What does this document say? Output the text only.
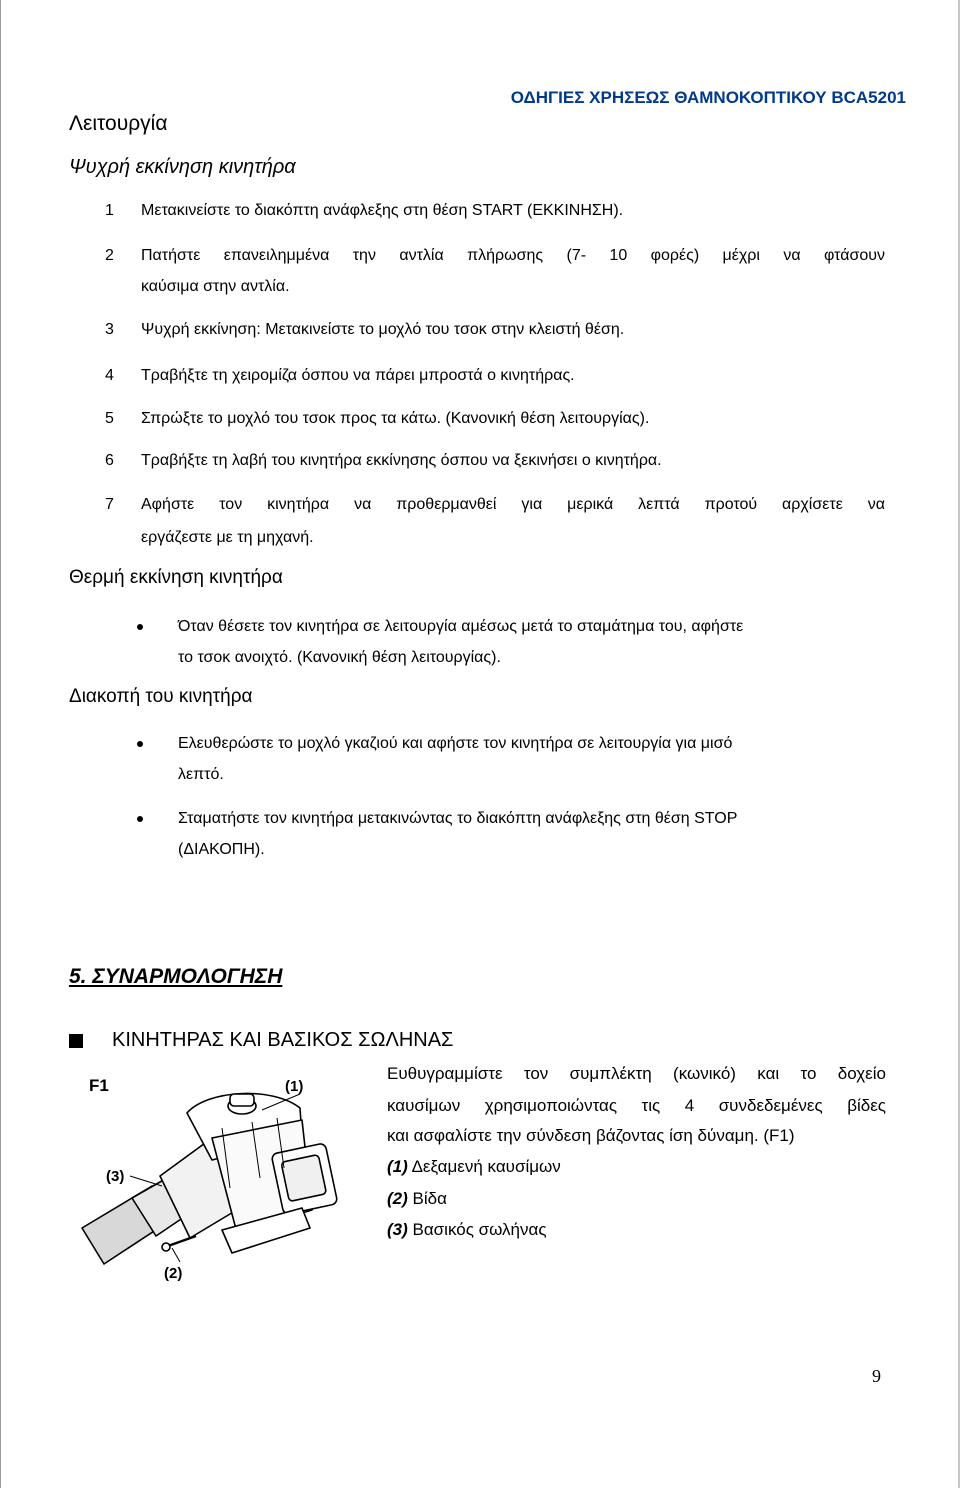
ΟΔΗΓΙΕΣ ΧΡΗΣΕΩΣ ΘΑΜΝΟΚΟΠΤΙΚΟΥ BCA5201
Λειτουργία
Ψυχρή εκκίνηση κινητήρα
1	Μετακινείστε το διακόπτη ανάφλεξης στη θέση START (ΕΚΚΙΝΗΣΗ).
2	Πατήστε επανειλημμένα την αντλία πλήρωσης (7- 10 φορές) μέχρι να φτάσουν
καύσιμα στην αντλία.
3	Ψυχρή εκκίνηση: Μετακινείστε το μοχλό του τσοκ στην κλειστή θέση.
4	Τραβήξτε τη χειρομίζα όσπου να πάρει μπροστά ο κινητήρας.
5	Σπρώξτε το μοχλό του τσοκ προς τα κάτω. (Κανονική θέση λειτουργίας).
6	Τραβήξτε τη λαβή του κινητήρα εκκίνησης όσπου να ξεκινήσει ο κινητήρα.
7	Αφήστε τον κινητήρα να προθερμανθεί για μερικά λεπτά προτού αρχίσετε να
εργάζεστε με τη μηχανή.
Θερμή εκκίνηση κινητήρα
Όταν θέσετε τον κινητήρα σε λειτουργία αμέσως μετά το σταμάτημα του, αφήστε
το τσοκ ανοιχτό. (Κανονική θέση λειτουργίας).
Διακοπή του κινητήρα
Ελευθερώστε το μοχλό γκαζιού και αφήστε τον κινητήρα σε λειτουργία για μισό
λεπτό.
Σταματήστε τον κινητήρα μετακινώντας το διακόπτη ανάφλεξης στη θέση STOP
(ΔΙΑΚΟΠΗ).
5. ΣΥΝΑΡΜΟΛΟΓΗΣΗ
ΚΙΝΗΤΗΡΑΣ ΚΑΙ ΒΑΣΙΚΟΣ ΣΩΛΗΝΑΣ
Ευθυγραμμίστε τον συμπλέκτη (κωνικό) και το δοχείο
καυσίμων χρησιμοποιώντας τις 4 συνδεδεμένες βίδες
και ασφαλίστε την σύνδεση βάζοντας ίση δύναμη. (F1)
(1) Δεξαμενή καυσίμων
(2) Βίδα
(3) Βασικός σωλήνας
F1	(1)
(3)
(2)
9
